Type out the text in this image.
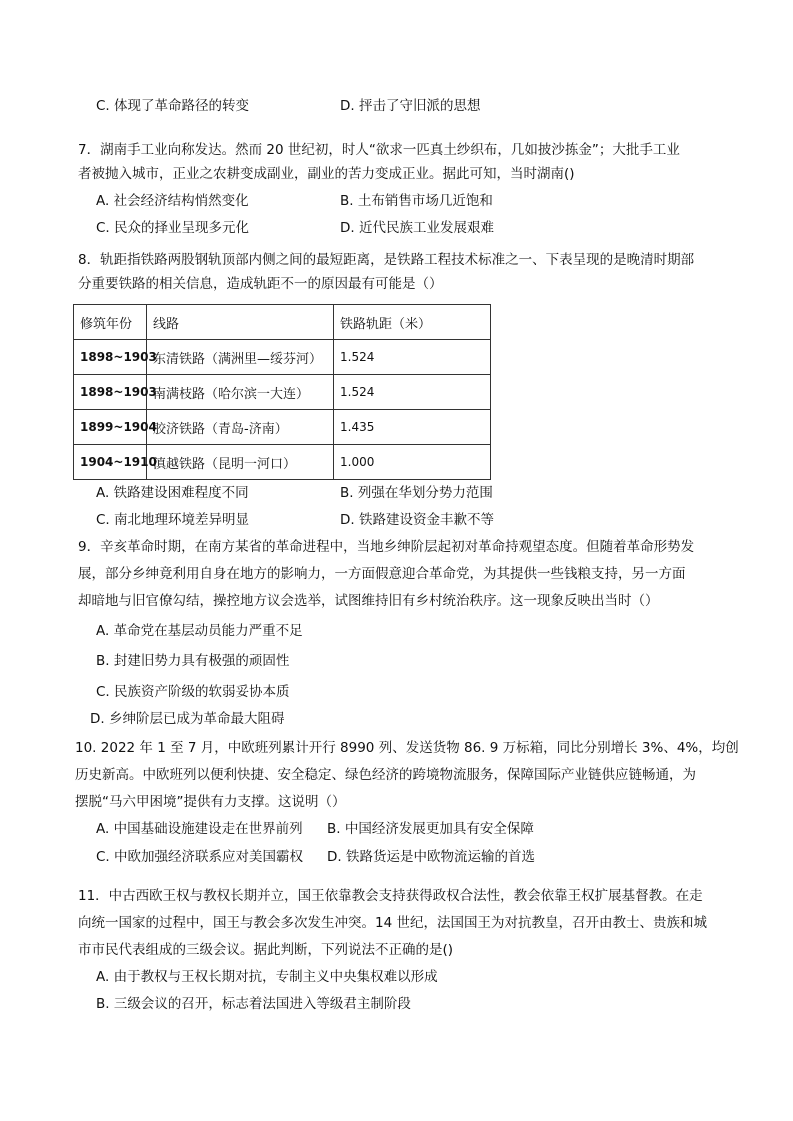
C. 体现了革命路径的转变	D. 抨击了守旧派的思想
7．湖南手工业向称发达。然而 20 世纪初，时人“欲求一匹真土纱织布，几如披沙拣金”；大批手工业
者被抛入城市，正业之农耕变成副业，副业的苦力变成正业。据此可知，当时湖南()
A. 社会经济结构悄然变化	B. 土布销售市场几近饱和
C. 民众的择业呈现多元化	D. 近代民族工业发展艰难
8．轨距指铁路两股钢轨顶部内侧之间的最短距离，是铁路工程技术标准之一、下表呈现的是晚清时期部
分重要铁路的相关信息，造成轨距不一的原因最有可能是（）
修筑年份	线路	铁路轨距（米）
1898~1903	东清铁路（满洲里—绥芬河）	1.524
1898~1903	南满枝路（哈尔滨一大连）	1.524
1899~1904	胶济铁路（青岛-济南）	1.435
1904~1910	滇越铁路（昆明一河口）	1.000
A. 铁路建设困难程度不同	B. 列强在华划分势力范围
C. 南北地理环境差异明显	D. 铁路建设资金丰歉不等
9．辛亥革命时期，在南方某省的革命进程中，当地乡绅阶层起初对革命持观望态度。但随着革命形势发
展，部分乡绅竟利用自身在地方的影响力，一方面假意迎合革命党，为其提供一些钱粮支持，另一方面
却暗地与旧官僚勾结，操控地方议会选举，试图维持旧有乡村统治秩序。这一现象反映出当时（）
A. 革命党在基层动员能力严重不足
B. 封建旧势力具有极强的顽固性
C. 民族资产阶级的软弱妥协本质
D. 乡绅阶层已成为革命最大阻碍
10. 2022 年 1 至 7 月，中欧班列累计开行 8990 列、发送货物 86. 9 万标箱，同比分别增长 3%、4%，均创
历史新高。中欧班列以便利快捷、安全稳定、绿色经济的跨境物流服务，保障国际产业链供应链畅通，为
摆脱“马六甲困境”提供有力支撑。这说明（）
A. 中国基础设施建设走在世界前列 B. 中国经济发展更加具有安全保障
C. 中欧加强经济联系应对美国霸权 D. 铁路货运是中欧物流运输的首选
11．中古西欧王权与教权长期并立，国王依靠教会支持获得政权合法性，教会依靠王权扩展基督教。在走
向统一国家的过程中，国王与教会多次发生冲突。14 世纪，法国国王为对抗教皇，召开由教士、贵族和城
市市民代表组成的三级会议。据此判断，下列说法不正确的是()
A. 由于教权与王权长期对抗，专制主义中央集权难以形成
B. 三级会议的召开，标志着法国进入等级君主制阶段
